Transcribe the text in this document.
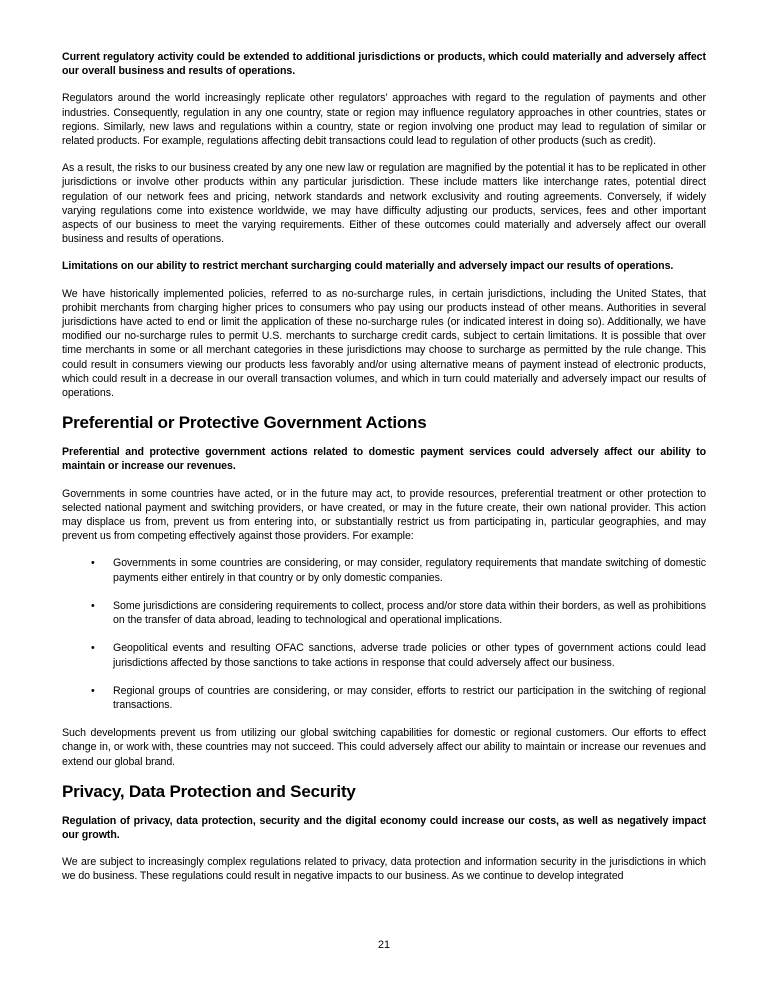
Current regulatory activity could be extended to additional jurisdictions or products, which could materially and adversely affect our overall business and results of operations.

Regulators around the world increasingly replicate other regulators’ approaches with regard to the regulation of payments and other industries. Consequently, regulation in any one country, state or region may influence regulatory approaches in other countries, states or regions. Similarly, new laws and regulations within a country, state or region involving one product may lead to regulation of similar or related products. For example, regulations affecting debit transactions could lead to regulation of other products (such as credit).

As a result, the risks to our business created by any one new law or regulation are magnified by the potential it has to be replicated in other jurisdictions or involve other products within any particular jurisdiction. These include matters like interchange rates, potential direct regulation of our network fees and pricing, network standards and network exclusivity and routing agreements. Conversely, if widely varying regulations come into existence worldwide, we may have difficulty adjusting our products, services, fees and other important aspects of our business to meet the varying requirements. Either of these outcomes could materially and adversely affect our overall business and results of operations.

Limitations on our ability to restrict merchant surcharging could materially and adversely impact our results of operations.

We have historically implemented policies, referred to as no-surcharge rules, in certain jurisdictions, including the United States, that prohibit merchants from charging higher prices to consumers who pay using our products instead of other means. Authorities in several jurisdictions have acted to end or limit the application of these no-surcharge rules (or indicated interest in doing so). Additionally, we have modified our no-surcharge rules to permit U.S. merchants to surcharge credit cards, subject to certain limitations. It is possible that over time merchants in some or all merchant categories in these jurisdictions may choose to surcharge as permitted by the rule change. This could result in consumers viewing our products less favorably and/or using alternative means of payment instead of electronic products, which could result in a decrease in our overall transaction volumes, and which in turn could materially and adversely impact our results of operations.

Preferential or Protective Government Actions

Preferential and protective government actions related to domestic payment services could adversely affect our ability to maintain or increase our revenues.

Governments in some countries have acted, or in the future may act, to provide resources, preferential treatment or other protection to selected national payment and switching providers, or have created, or may in the future create, their own national provider. This action may displace us from, prevent us from entering into, or substantially restrict us from participating in, particular geographies, and may prevent us from competing effectively against those providers. For example:

•	Governments in some countries are considering, or may consider, regulatory requirements that mandate switching of domestic payments either entirely in that country or by only domestic companies.
•	Some jurisdictions are considering requirements to collect, process and/or store data within their borders, as well as prohibitions on the transfer of data abroad, leading to technological and operational implications.
•	Geopolitical events and resulting OFAC sanctions, adverse trade policies or other types of government actions could lead jurisdictions affected by those sanctions to take actions in response that could adversely affect our business.
•	Regional groups of countries are considering, or may consider, efforts to restrict our participation in the switching of regional transactions.

Such developments prevent us from utilizing our global switching capabilities for domestic or regional customers. Our efforts to effect change in, or work with, these countries may not succeed. This could adversely affect our ability to maintain or increase our revenues and extend our global brand.

Privacy, Data Protection and Security

Regulation of privacy, data protection, security and the digital economy could increase our costs, as well as negatively impact our growth.

We are subject to increasingly complex regulations related to privacy, data protection and information security in the jurisdictions in which we do business. These regulations could result in negative impacts to our business. As we continue to develop integrated

21
